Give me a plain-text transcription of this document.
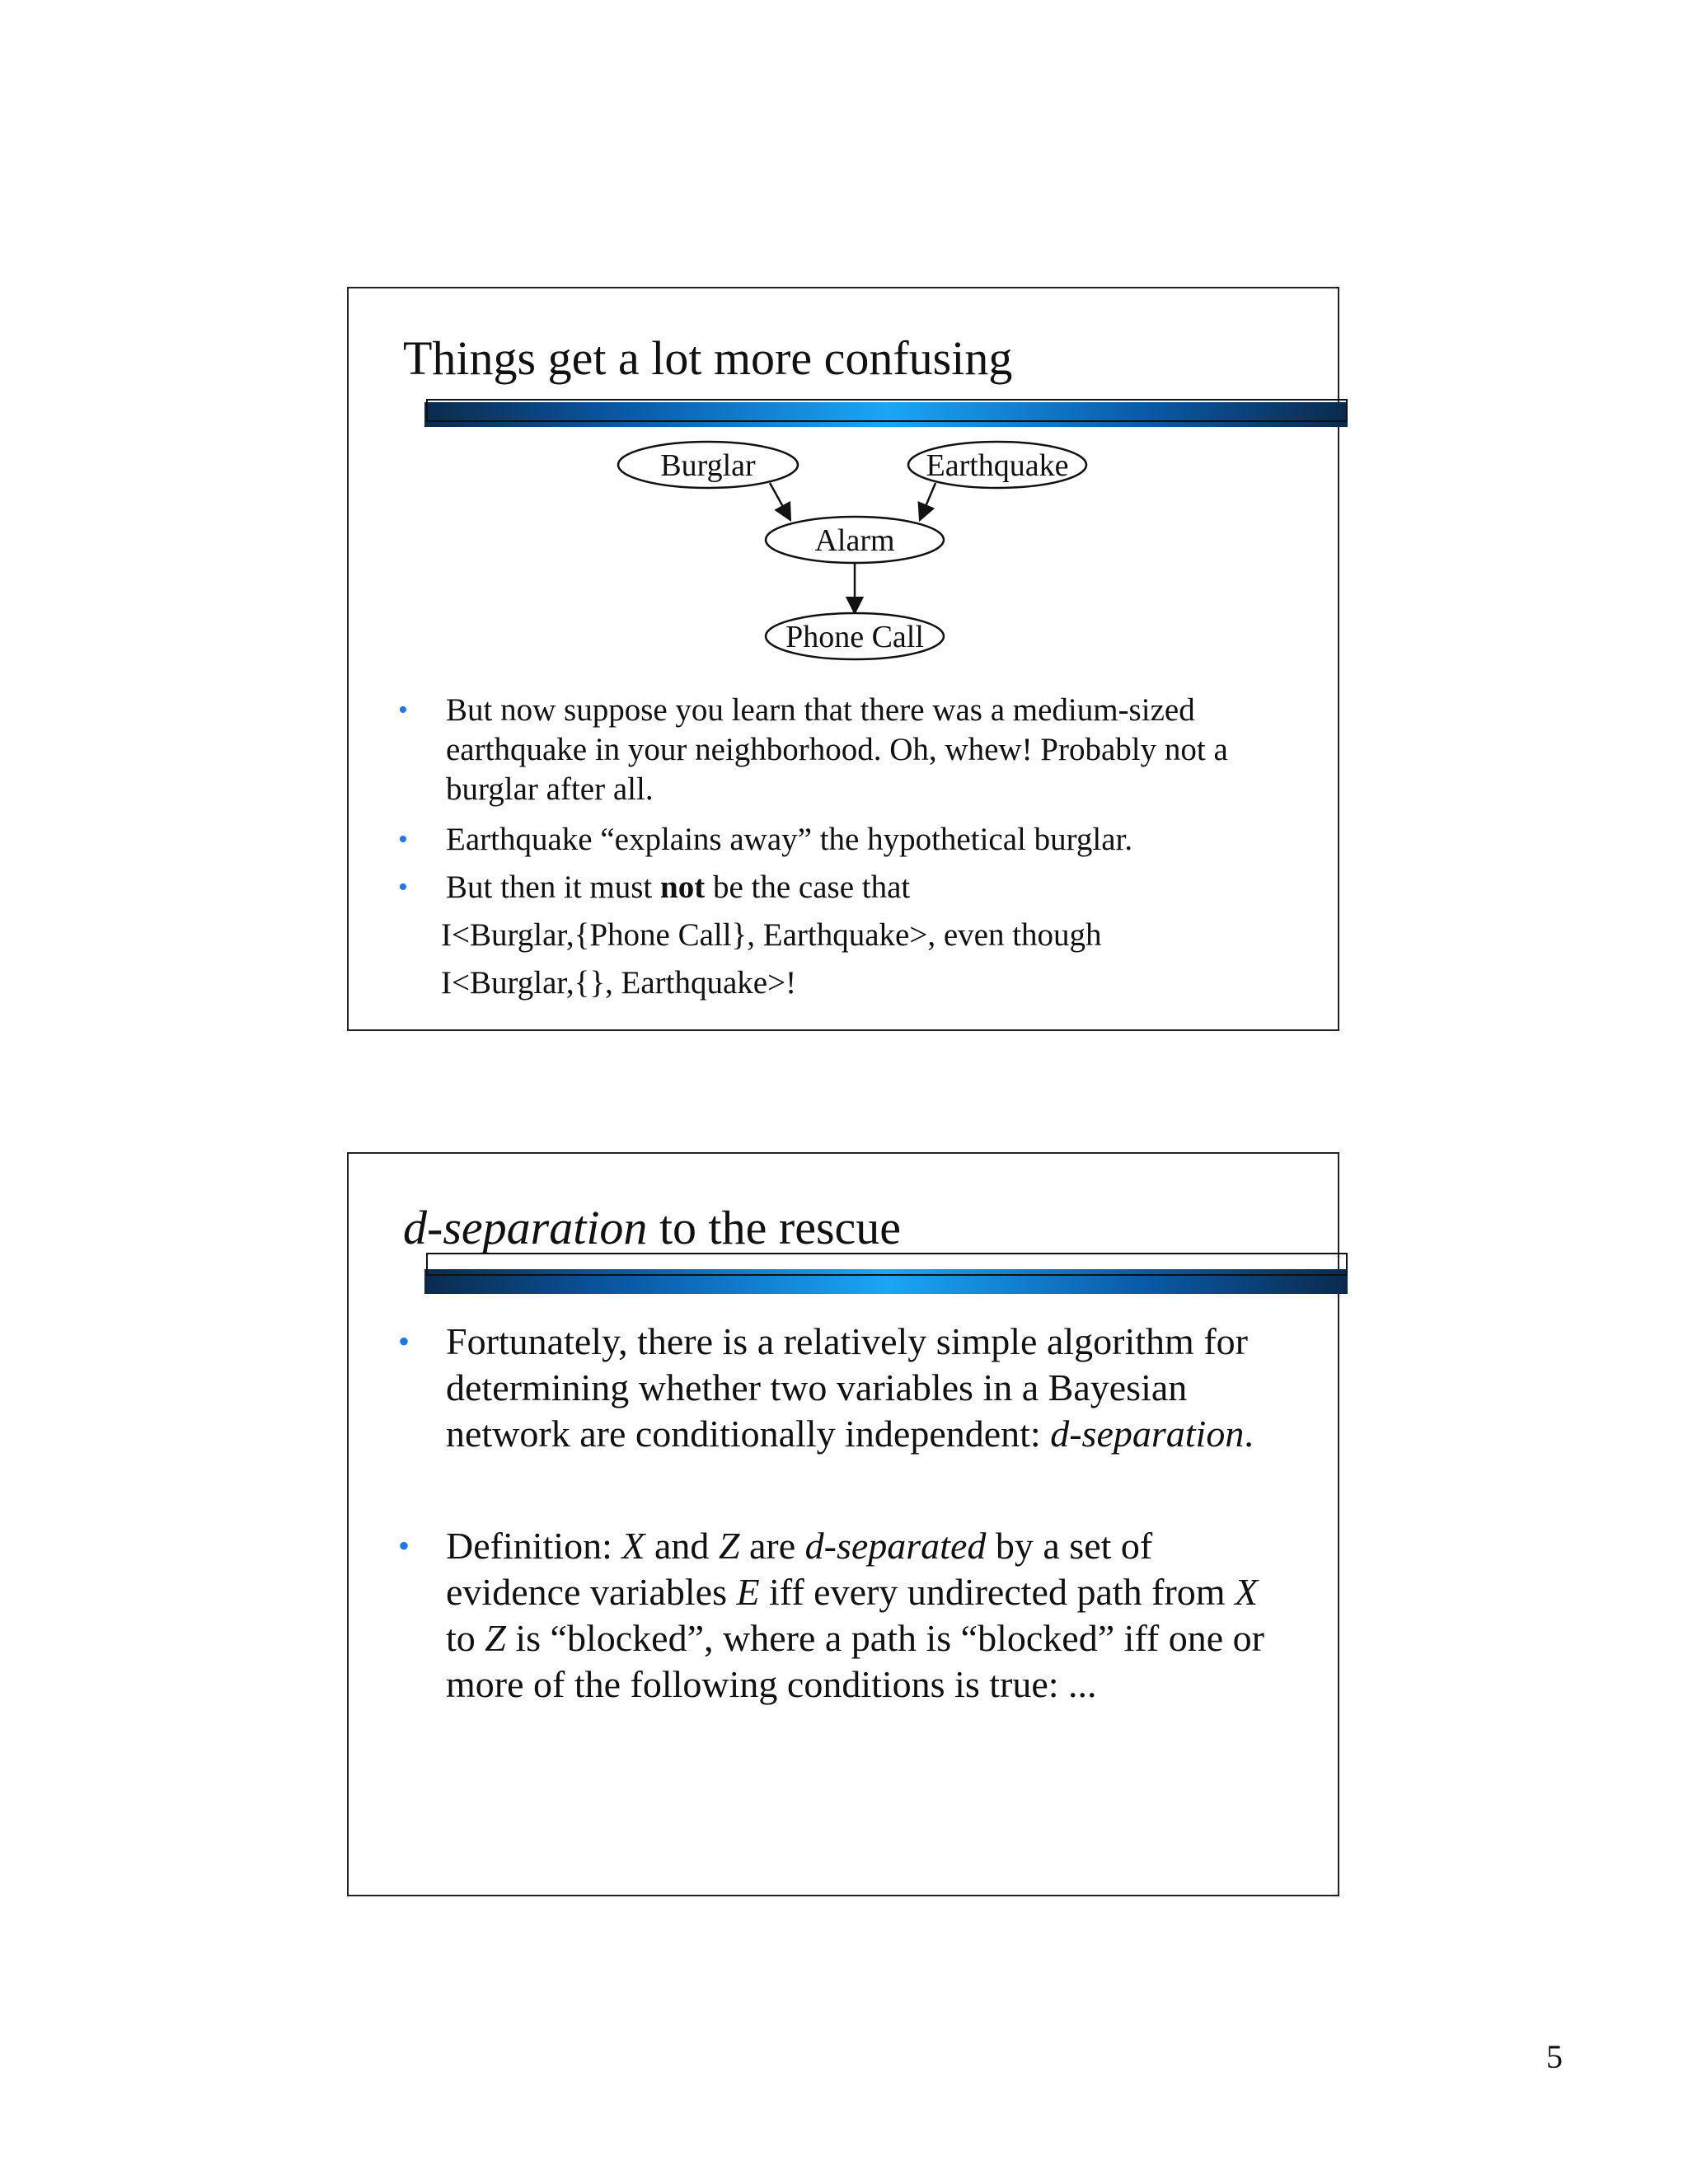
Things get a lot more confusing
Burglar	Earthquake
Alarm
Phone Call
• But now suppose you learn that there was a medium-sized earthquake in your neighborhood. Oh, whew! Probably not a burglar after all.
• Earthquake “explains away” the hypothetical burglar.
• But then it must not be the case that
I<Burglar,{Phone Call}, Earthquake>, even though
I<Burglar,{}, Earthquake>!
d-separation to the rescue
• Fortunately, there is a relatively simple algorithm for determining whether two variables in a Bayesian network are conditionally independent: d-separation.
• Definition: X and Z are d-separated by a set of evidence variables E iff every undirected path from X to Z is “blocked”, where a path is “blocked” iff one or more of the following conditions is true: ...
5
